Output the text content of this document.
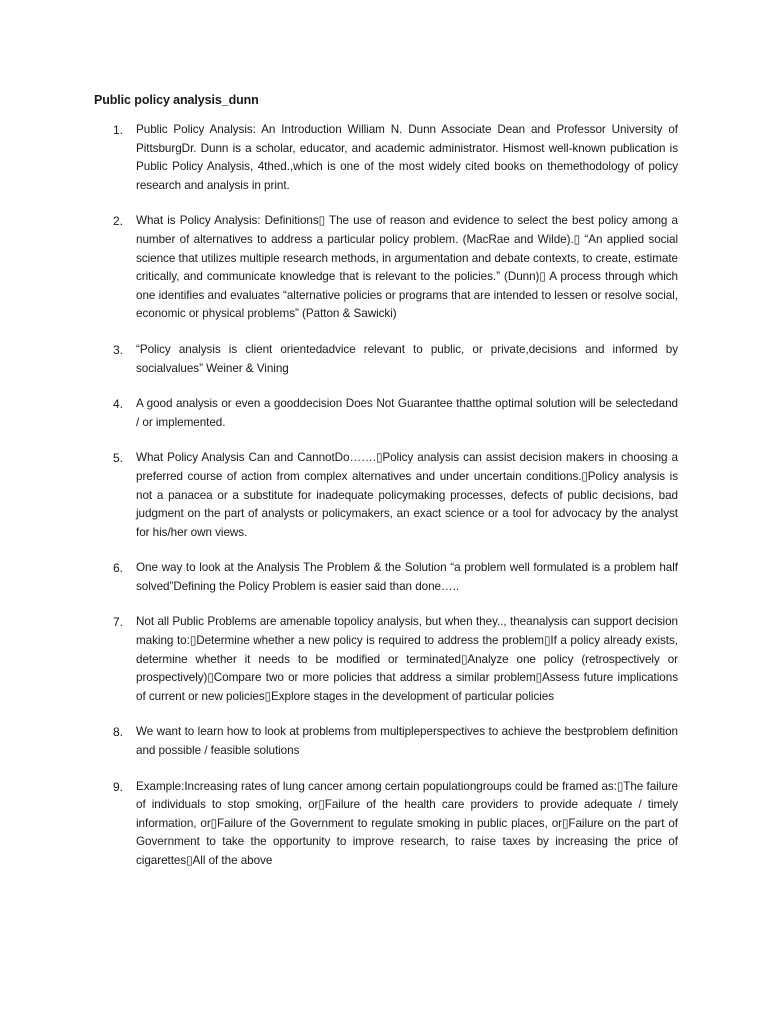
Public policy analysis_dunn
1.	Public Policy Analysis: An Introduction William N. Dunn Associate Dean and Professor University of PittsburgDr. Dunn is a scholar, educator, and academic administrator. Hismost well-known publication is Public Policy Analysis, 4thed.,which is one of the most widely cited books on themethodology of policy research and analysis in print.
2.	What is Policy Analysis: Definitions▯ The use of reason and evidence to select the best policy among a number of alternatives to address a particular policy problem. (MacRae and Wilde).▯ “An applied social science that utilizes multiple research methods, in argumentation and debate contexts, to create, estimate critically, and communicate knowledge that is relevant to the policies.” (Dunn)▯ A process through which one identifies and evaluates “alternative policies or programs that are intended to lessen or resolve social, economic or physical problems” (Patton & Sawicki)
3.	“Policy analysis is client orientedadvice relevant to public, or private,decisions and informed by socialvalues” Weiner & Vining
4.	A good analysis or even a gooddecision Does Not Guarantee thatthe optimal solution will be selectedand / or implemented.
5.	What Policy Analysis Can and CannotDo…….▯Policy analysis can assist decision makers in choosing a preferred course of action from complex alternatives and under uncertain conditions.▯Policy analysis is not a panacea or a substitute for inadequate policymaking processes, defects of public decisions, bad judgment on the part of analysts or policymakers, an exact science or a tool for advocacy by the analyst for his/her own views.
6.	One way to look at the Analysis The Problem & the Solution “a problem well formulated is a problem half solved”Defining the Policy Problem is easier said than done…..
7.	Not all Public Problems are amenable topolicy analysis, but when they.., theanalysis can support decision making to:▯Determine whether a new policy is required to address the problem▯If a policy already exists, determine whether it needs to be modified or terminated▯Analyze one policy (retrospectively or prospectively)▯Compare two or more policies that address a similar problem▯Assess future implications of current or new policies▯Explore stages in the development of particular policies
8.	We want to learn how to look at problems from multipleperspectives to achieve the bestproblem definition and possible / feasible solutions
9.	Example:Increasing rates of lung cancer among certain populationgroups could be framed as:▯The failure of individuals to stop smoking, or▯Failure of the health care providers to provide adequate / timely information, or▯Failure of the Government to regulate smoking in public places, or▯Failure on the part of Government to take the opportunity to improve research, to raise taxes by increasing the price of cigarettes▯All of the above
